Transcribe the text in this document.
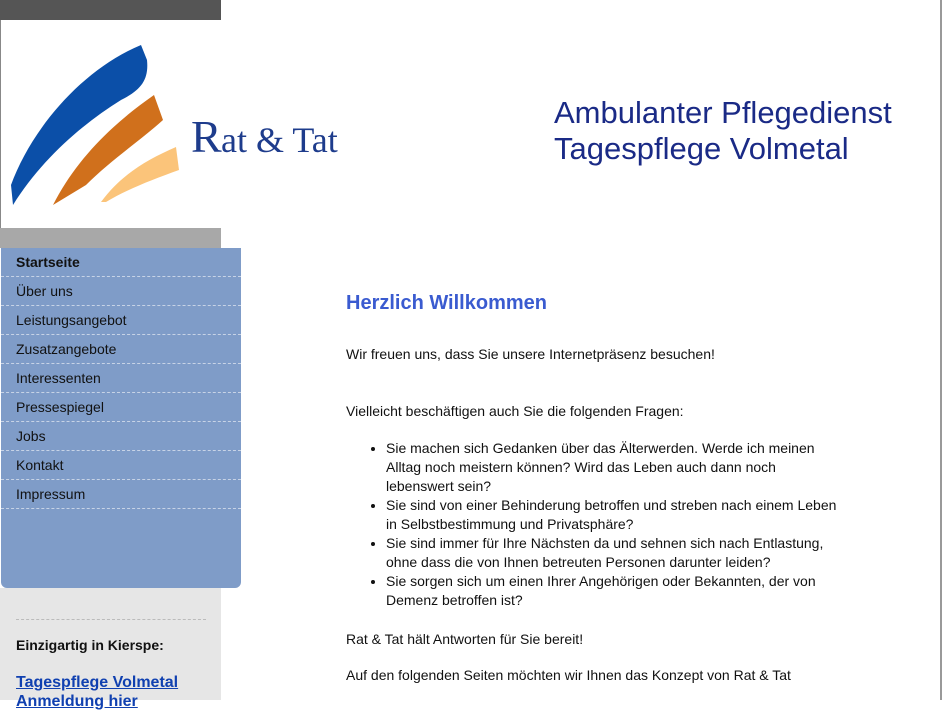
R at & Tat
Startseite
Über uns
Leistungsangebot
Zusatzangebote
Interessenten
Pressespiegel
Jobs
Kontakt
Impressum
Einzigartig in Kierspe:
Tagespflege Volmetal
Anmeldung hier
Ambulanter Pflegedienst
Tagespflege Volmetal
Herzlich Willkommen

Wir freuen uns, dass Sie unsere Internetpräsenz besuchen!

Vielleicht beschäftigen auch Sie die folgenden Fragen:

• Sie machen sich Gedanken über das Älterwerden. Werde ich meinen Alltag noch meistern können? Wird das Leben auch dann noch lebenswert sein?
• Sie sind von einer Behinderung betroffen und streben nach einem Leben in Selbstbestimmung und Privatsphäre?
• Sie sind immer für Ihre Nächsten da und sehnen sich nach Entlastung, ohne dass die von Ihnen betreuten Personen darunter leiden?
• Sie sorgen sich um einen Ihrer Angehörigen oder Bekannten, der von Demenz betroffen ist?

Rat & Tat hält Antworten für Sie bereit!

Auf den folgenden Seiten möchten wir Ihnen das Konzept von Rat & Tat
